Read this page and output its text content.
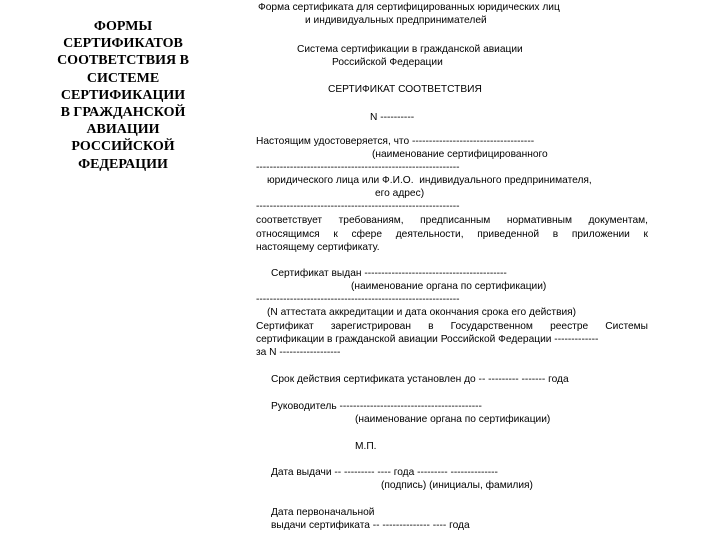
ФОРМЫ
СЕРТИФИКАТОВ
СООТВЕТСТВИЯ В
СИСТЕМЕ
СЕРТИФИКАЦИИ
В ГРАЖДАНСКОЙ
АВИАЦИИ
РОССИЙСКОЙ
ФЕДЕРАЦИИ
Форма сертификата для сертифицированных юридических лиц
и индивидуальных предпринимателей
Система сертификации в гражданской авиации
Российской Федерации
СЕРТИФИКАТ СООТВЕТСТВИЯ
N ----------
Настоящим удостоверяется, что ------------------------------------
(наименование сертифицированного
------------------------------------------------------------
юридического лица или Ф.И.О.  индивидуального предпринимателя,
его адрес)
------------------------------------------------------------
соответствует требованиям, предписанным нормативным документам,
относящимся к сфере деятельности, приведенной в приложении к
настоящему сертификату.
Сертификат выдан ------------------------------------------
(наименование органа по сертификации)
------------------------------------------------------------
(N аттестата аккредитации и дата окончания срока его действия)
Сертификат зарегистрирован в Государственном реестре Системы
сертификации в гражданской авиации Российской Федерации -------------
за N ------------------
Срок действия сертификата установлен до -- --------- ------- года
Руководитель ------------------------------------------
(наименование органа по сертификации)
М.П.
Дата выдачи -- --------- ---- года --------- --------------
(подпись) (инициалы, фамилия)
Дата первоначальной
выдачи сертификата -- -------------- ---- года
